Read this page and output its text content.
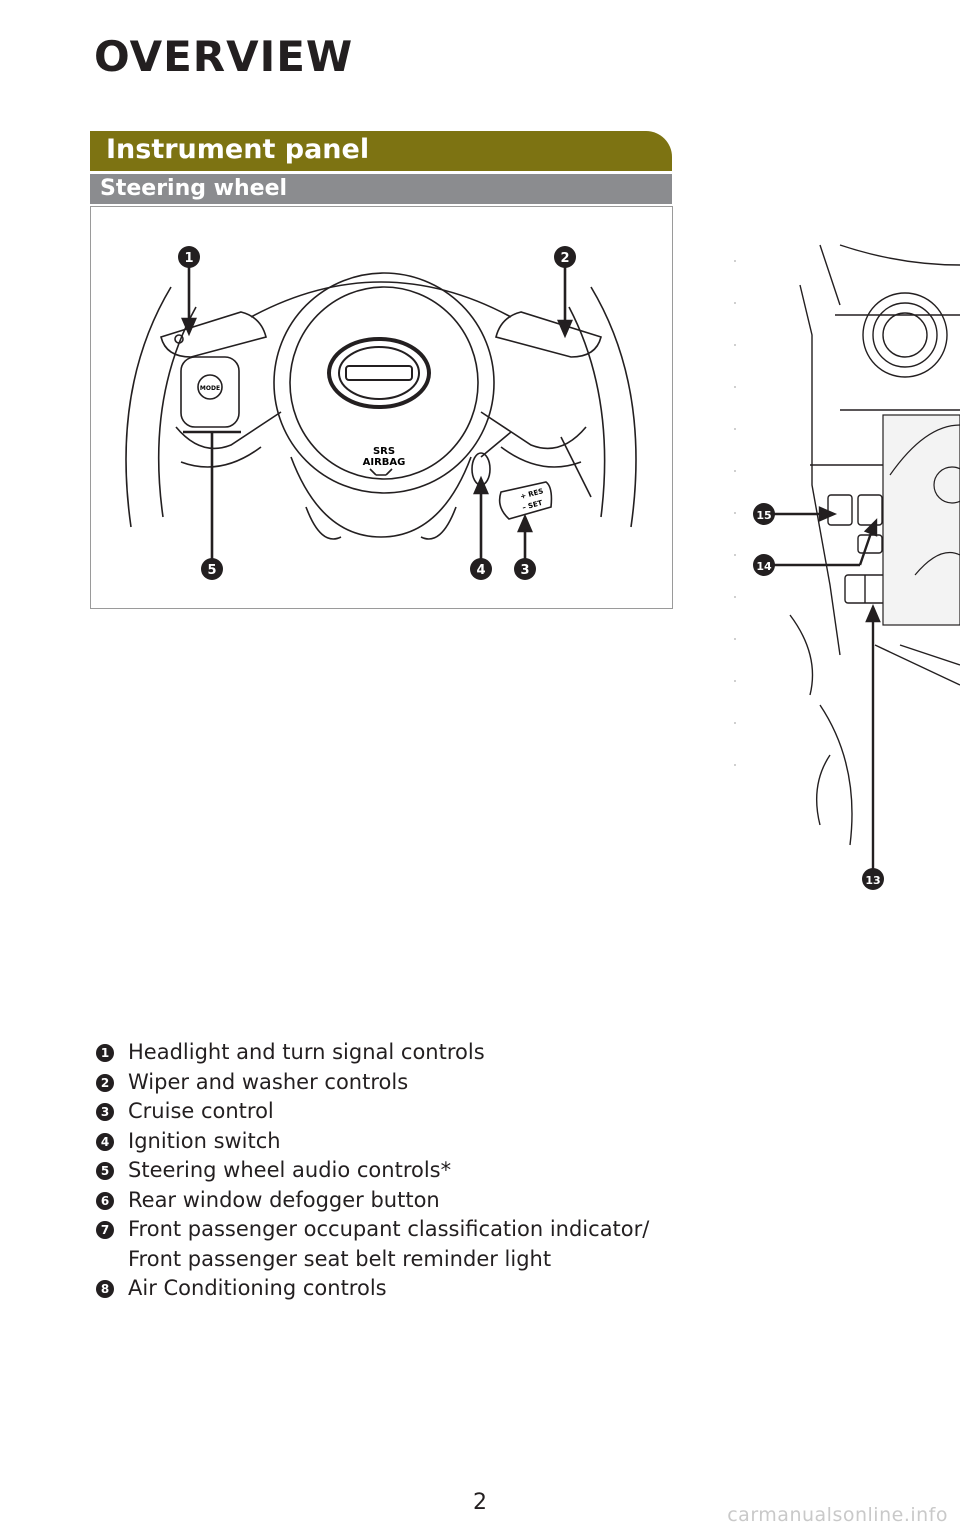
OVERVIEW
Instrument panel
Steering wheel
SRS
AIRBAG
MODE
+ RES
– SET
1	2
3
4
5
15
14
13
1 Headlight and turn signal controls
2 Wiper and washer controls
3 Cruise control
4 Ignition switch
5 Steering wheel audio controls*
6 Rear window defogger button
7 Front passenger occupant classification indicator/
Front passenger seat belt reminder light
8 Air Conditioning controls
2	carmanualsonline.info
